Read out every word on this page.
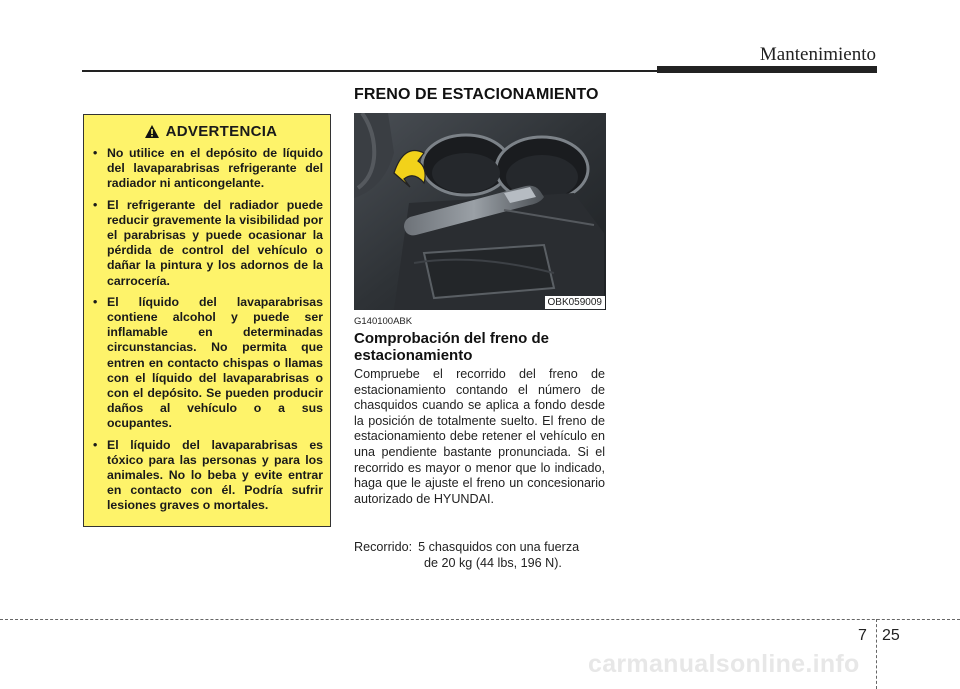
Mantenimiento
FRENO DE ESTACIONAMIENTO
ADVERTENCIA
• No utilice en el depósito de líquido del lavaparabrisas refrigerante del radiador ni anticongelante.
• El refrigerante del radiador puede reducir gravemente la visibilidad por el parabrisas y puede ocasionar la pérdida de control del vehículo o dañar la pintura y los adornos de la carrocería.
• El líquido del lavaparabrisas contiene alcohol y puede ser inflamable en determinadas circunstancias. No permita que entren en contacto chispas o llamas con el líquido del lavaparabrisas o con el depósito. Se pueden producir daños al vehículo o a sus ocupantes.
• El líquido del lavaparabrisas es tóxico para las personas y para los animales. No lo beba y evite entrar en contacto con él. Podría sufrir lesiones graves o mortales.
OBK059009
G140100ABK
Comprobación del freno de estacionamiento

Compruebe el recorrido del freno de estacionamiento contando el número de chasquidos cuando se aplica a fondo desde la posición de totalmente suelto. El freno de estacionamiento debe retener el vehículo en una pendiente bastante pronunciada. Si el recorrido es mayor o menor que lo indicado, haga que le ajuste el freno un concesionario autorizado de HYUNDAI.

Recorrido: 5 chasquidos con una fuerza
de 20 kg (44 lbs, 196 N).
7 25
carmanualsonline.info
